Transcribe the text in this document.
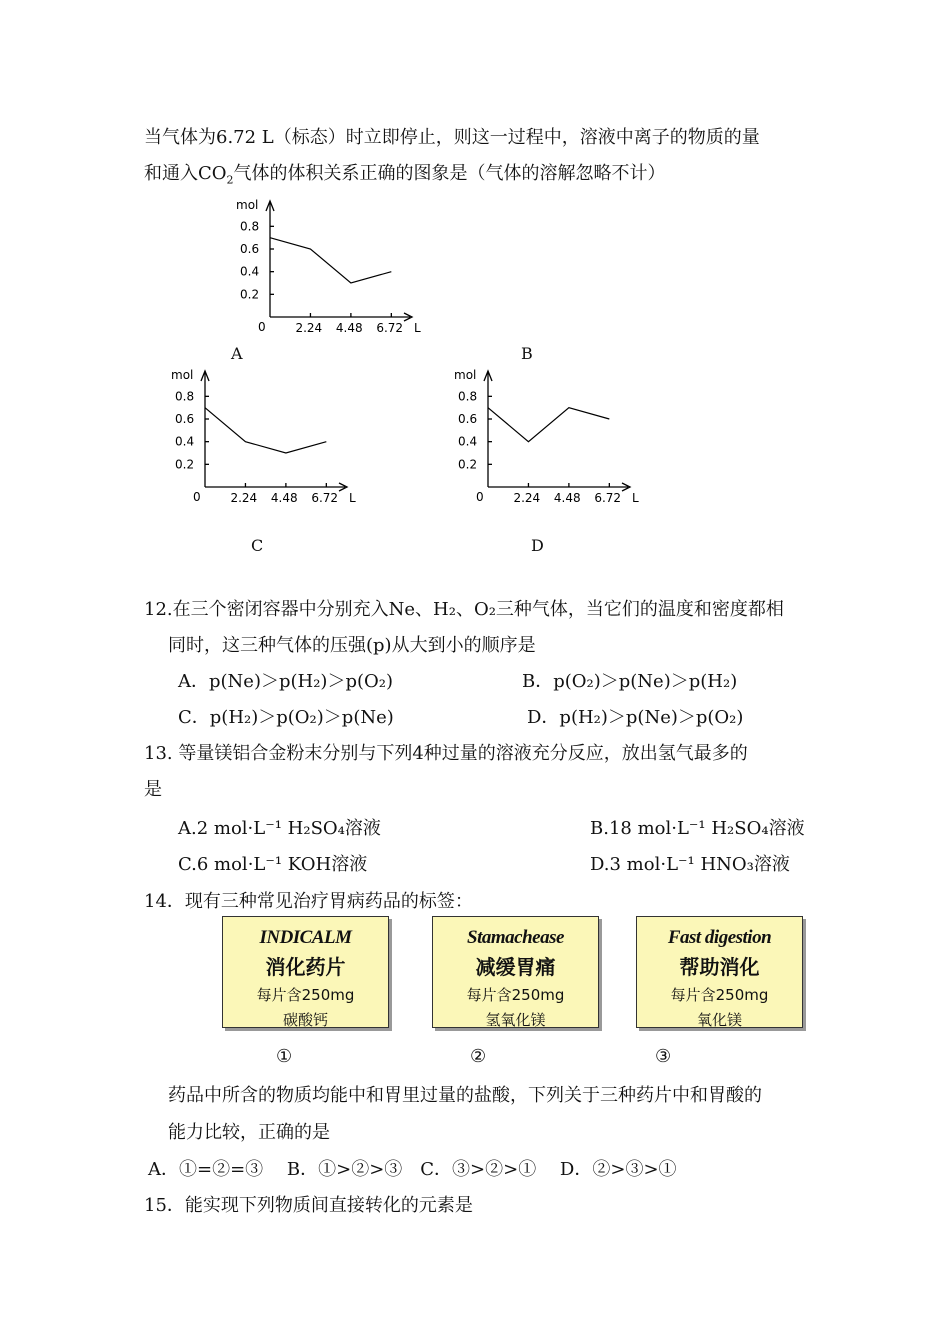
当气体为6.72 L（标态）时立即停止，则这一过程中，溶液中离子的物质的量
和通入$CO_2$气体的体积关系正确的图象是（气体的溶解忽略不计）
mol
L
0
0.2
0.4
0.6
0.8
2.24 4.48 6.72
mol
L
0
0.2
0.4
0.6
0.8
2.24 4.48 6.72
mol
L
0
0.2
0.4
0.6
0.8
2.24 4.48 6.72
A	B
C	D
12.在三个密闭容器中分别充入Ne、H₂、O₂三种气体，当它们的温度和密度都相
同时，这三种气体的压强(p)从大到小的顺序是
A．p(Ne)＞p(H₂)＞p(O₂)	B．p(O₂)＞p(Ne)＞p(H₂)
C．p(H₂)＞p(O₂)＞p(Ne)	D．p(H₂)＞p(Ne)＞p(O₂)
13. 等量镁铝合金粉末分别与下列4种过量的溶液充分反应，放出氢气最多的
是
A.2 mol·L⁻¹ H₂SO₄溶液	B.18 mol·L⁻¹ H₂SO₄溶液
C.6 mol·L⁻¹ KOH溶液	D.3 mol·L⁻¹ HNO₃溶液
14．现有三种常见治疗胃病药品的标签：
INDICALM
消化药片
每片含250mg
碳酸钙
Stamachease
减缓胃痛
每片含250mg
氢氧化镁
Fast digestion
帮助消化
每片含250mg
氧化镁
①	②	③
药品中所含的物质均能中和胃里过量的盐酸，下列关于三种药片中和胃酸的
能力比较，正确的是
A．①=②=③　 B．①>②>③　C．③>②>①　 D．②>③>①
15．能实现下列物质间直接转化的元素是
